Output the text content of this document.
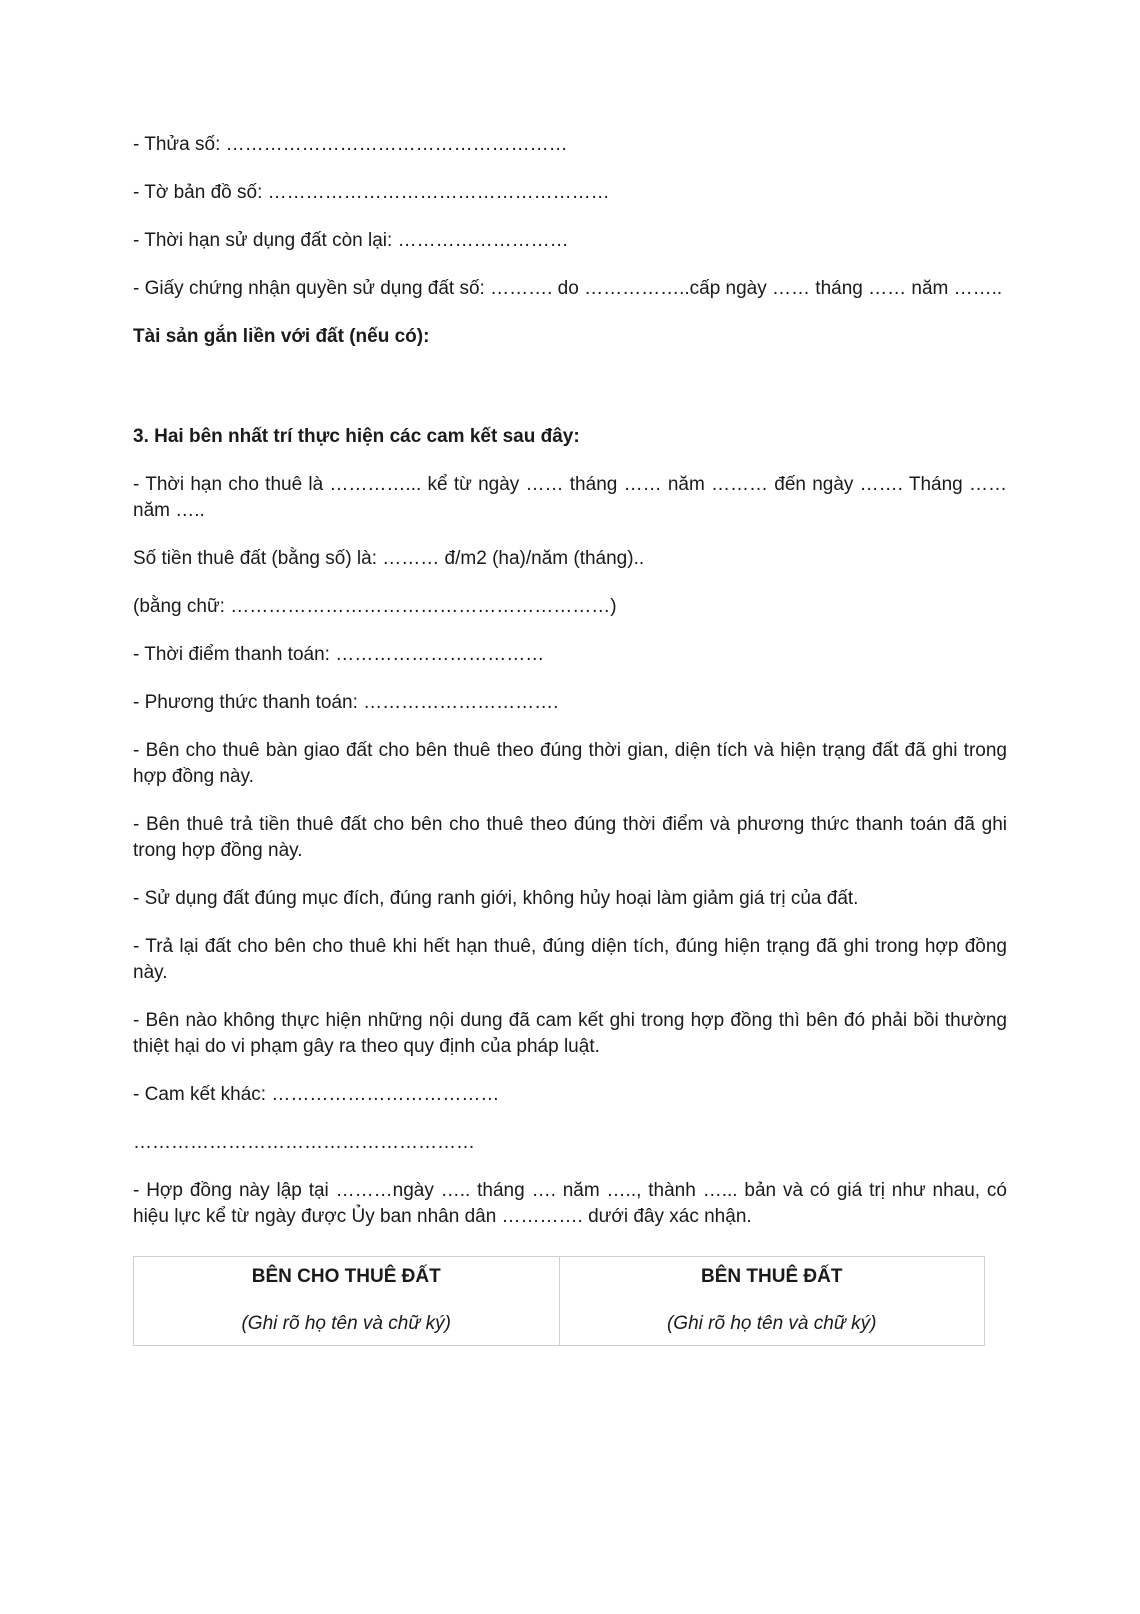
- Thửa số: ………………………………………………

- Tờ bản đồ số: ………………………………………………

- Thời hạn sử dụng đất còn lại: ………………………

- Giấy chứng nhận quyền sử dụng đất số: ………. do ……………..cấp ngày …… tháng …… năm ……..

Tài sản gắn liền với đất (nếu có):

3. Hai bên nhất trí thực hiện các cam kết sau đây:

- Thời hạn cho thuê là …………... kể từ ngày …… tháng …… năm ……… đến ngày ……. Tháng …… năm …..

Số tiền thuê đất (bằng số) là: ……… đ/m2 (ha)/năm (tháng)..

(bằng chữ: ……………………………………………………)

- Thời điểm thanh toán: ……………………………

- Phương thức thanh toán: ………………………….

- Bên cho thuê bàn giao đất cho bên thuê theo đúng thời gian, diện tích và hiện trạng đất đã ghi trong hợp đồng này.

- Bên thuê trả tiền thuê đất cho bên cho thuê theo đúng thời điểm và phương thức thanh toán đã ghi trong hợp đồng này.

- Sử dụng đất đúng mục đích, đúng ranh giới, không hủy hoại làm giảm giá trị của đất.

- Trả lại đất cho bên cho thuê khi hết hạn thuê, đúng diện tích, đúng hiện trạng đã ghi trong hợp đồng này.

- Bên nào không thực hiện những nội dung đã cam kết ghi trong hợp đồng thì bên đó phải bồi thường thiệt hại do vi phạm gây ra theo quy định của pháp luật.

- Cam kết khác: ………………………………

………………………………………………

- Hợp đồng này lập tại ………ngày ….. tháng …. năm ….., thành …... bản và có giá trị như nhau, có hiệu lực kể từ ngày được Ủy ban nhân dân …………. dưới đây xác nhận.

BÊN CHO THUÊ ĐẤT
(Ghi rõ họ tên và chữ ký)

BÊN THUÊ ĐẤT
(Ghi rõ họ tên và chữ ký)
